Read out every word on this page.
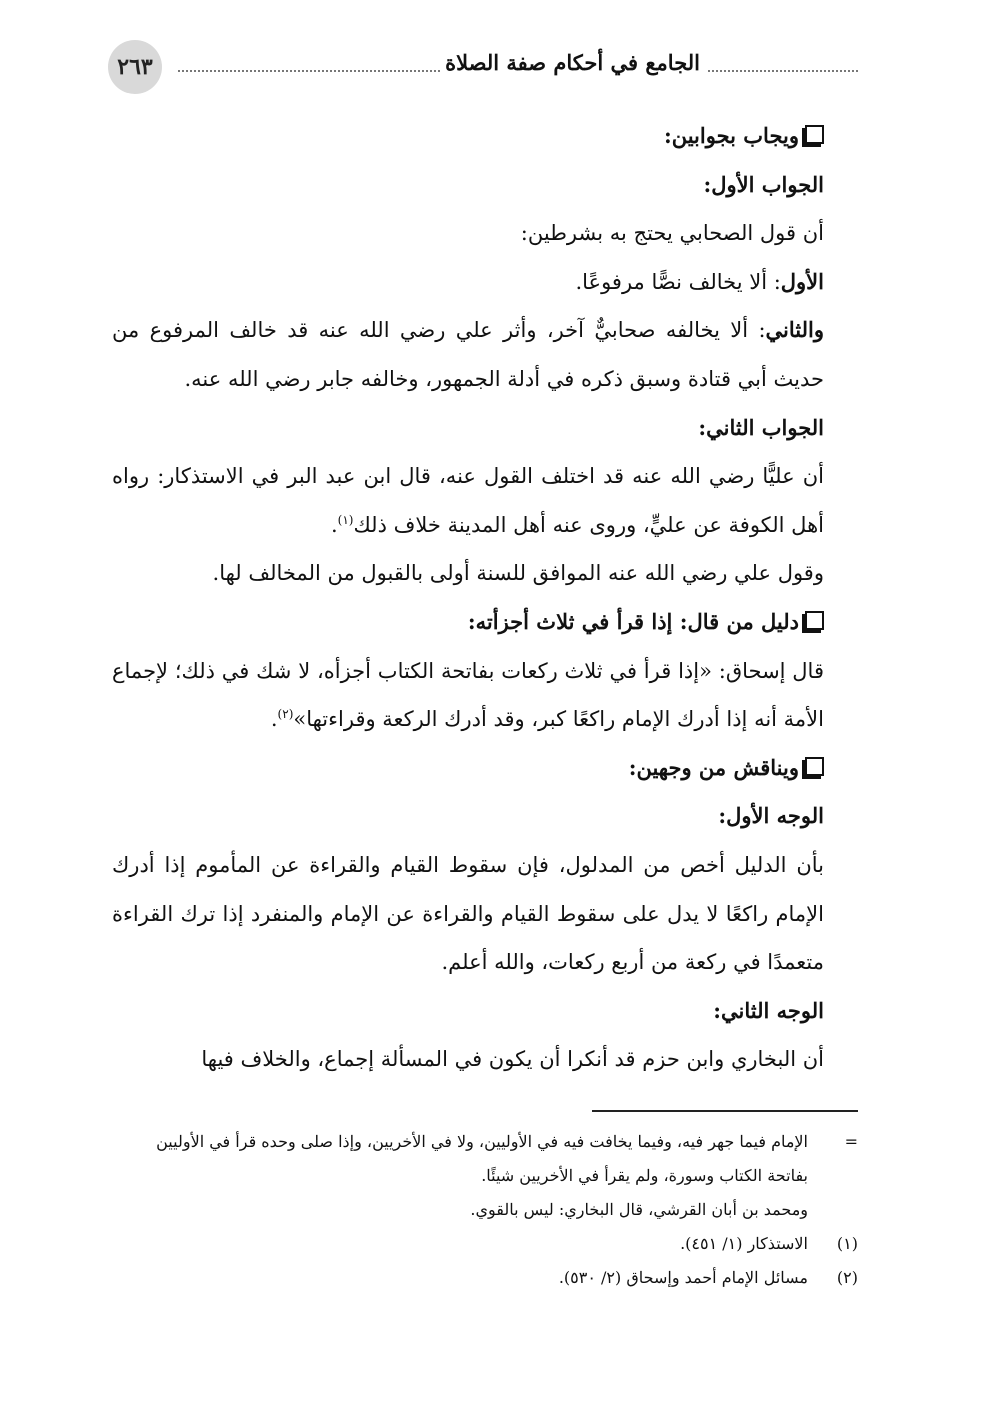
٢٦٣	الجامع في أحكام صفة الصلاة

ويجاب بجوابين:

الجواب الأول:

أن قول الصحابي يحتج به بشرطين:

الأول: ألا يخالف نصًّا مرفوعًا.

والثاني: ألا يخالفه صحابيٌّ آخر، وأثر علي رضي الله عنه قد خالف المرفوع من حديث أبي قتادة وسبق ذكره في أدلة الجمهور، وخالفه جابر رضي الله عنه.

الجواب الثاني:

أن عليًّا رضي الله عنه قد اختلف القول عنه، قال ابن عبد البر في الاستذكار: رواه أهل الكوفة عن عليٍّ، وروى عنه أهل المدينة خلاف ذلك$^{(١)}$.

وقول علي رضي الله عنه الموافق للسنة أولى بالقبول من المخالف لها.

دليل من قال: إذا قرأ في ثلاث أجزأته:

قال إسحاق: «إذا قرأ في ثلاث ركعات بفاتحة الكتاب أجزأه، لا شك في ذلك؛ لإجماع الأمة أنه إذا أدرك الإمام راكعًا كبر، وقد أدرك الركعة وقراءتها»$^{(٢)}$.

ويناقش من وجهين:

الوجه الأول:

بأن الدليل أخص من المدلول، فإن سقوط القيام والقراءة عن المأموم إذا أدرك الإمام راكعًا لا يدل على سقوط القيام والقراءة عن الإمام والمنفرد إذا ترك القراءة متعمدًا في ركعة من أربع ركعات، والله أعلم.

الوجه الثاني:

أن البخاري وابن حزم قد أنكرا أن يكون في المسألة إجماع، والخلاف فيها

=الإمام فيما جهر فيه، وفيما يخافت فيه في الأوليين، ولا في الأخريين، وإذا صلى وحده قرأ في الأوليين بفاتحة الكتاب وسورة، ولم يقرأ في الأخريين شيئًا.

ومحمد بن أبان القرشي، قال البخاري: ليس بالقوي.

(١)
الاستذكار (١/ ٤٥١).

(٢)
مسائل الإمام أحمد وإسحاق (٢/ ٥٣٠).
